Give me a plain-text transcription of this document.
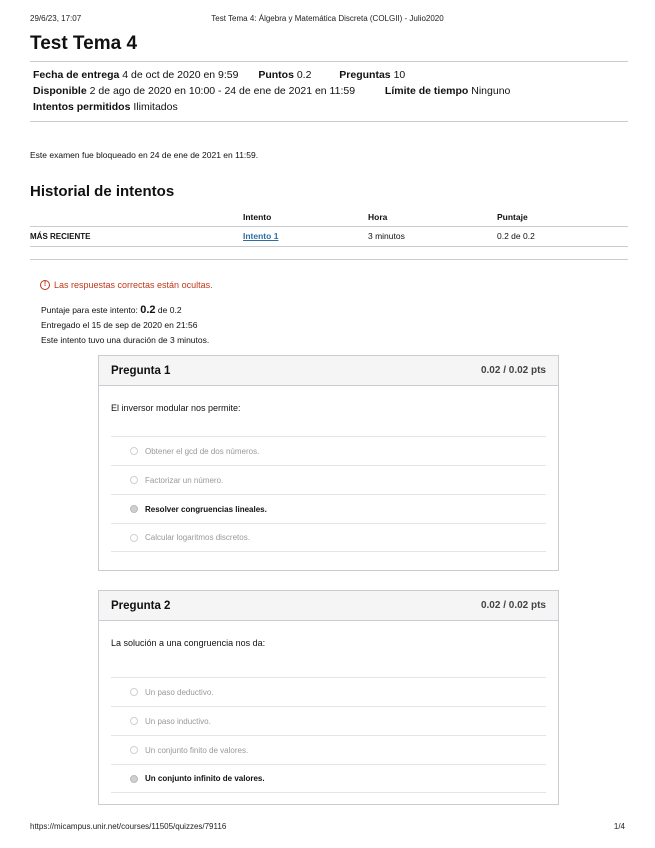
29/6/23, 17:07	Test Tema 4: Álgebra y Matemática Discreta (COLGII) - Julio2020
Test Tema 4
Fecha de entrega 4 de oct de 2020 en 9:59 Puntos 0.2	Preguntas 10
Disponible 2 de ago de 2020 en 10:00 - 24 de ene de 2021 en 11:59	Límite de tiempo Ninguno
Intentos permitidos Ilimitados

Este examen fue bloqueado en 24 de ene de 2021 en 11:59.

Historial de intentos
	Intento	Hora	Puntaje
MÁS RECIENTE	Intento 1	3 minutos	0.2 de 0.2
! Las respuestas correctas están ocultas.
Puntaje para este intento: 0.2 de 0.2
Entregado el 15 de sep de 2020 en 21:56
Este intento tuvo una duración de 3 minutos.
Pregunta 1	0.02 / 0.02 pts
El inversor modular nos permite:
Obtener el gcd de dos números.
Factorizar un número.
Resolver congruencias lineales.
Calcular logaritmos discretos.
Pregunta 2	0.02 / 0.02 pts
La solución a una congruencia nos da:
Un paso deductivo.
Un paso inductivo.
Un conjunto finito de valores.
Un conjunto infinito de valores.
https://micampus.unir.net/courses/11505/quizzes/79116	1/4
